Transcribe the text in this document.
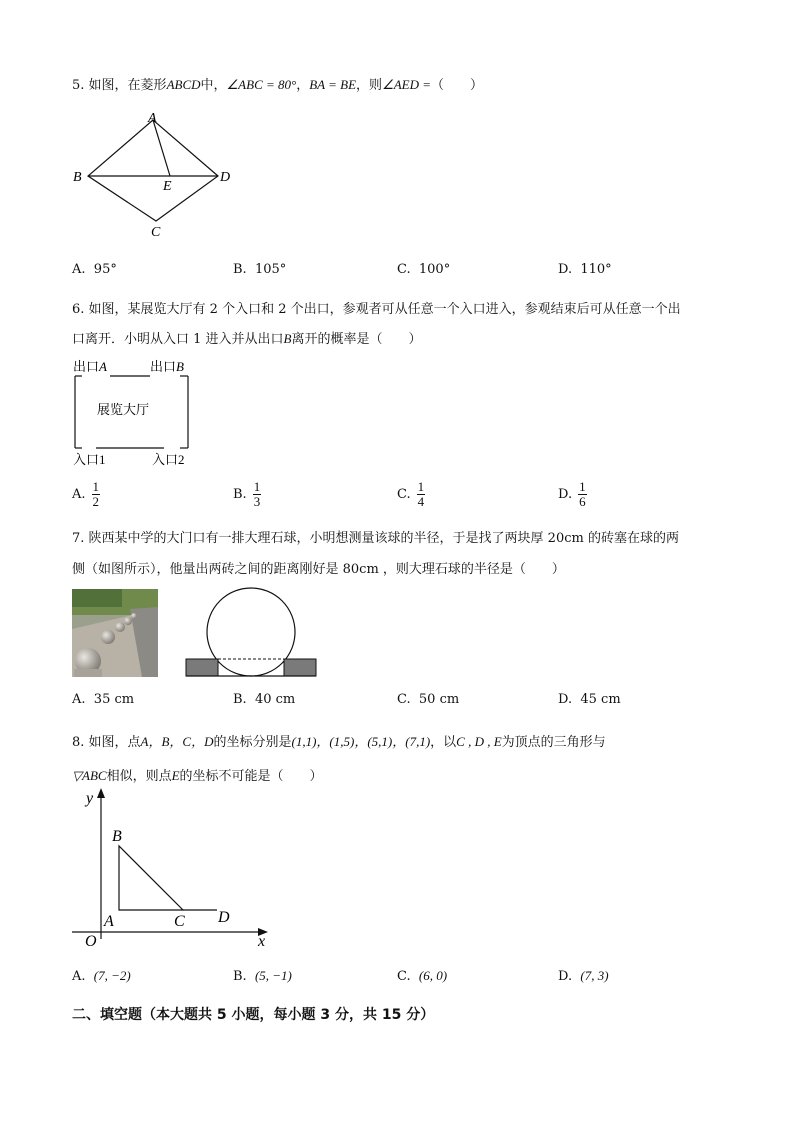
5. 如图，在菱形ABCD中，∠ABC = 80°，BA = BE，则∠AED =（　　）
A
B
E
D
C
A. 95°	B. 105°	C. 100°	D. 110°
6. 如图，某展览大厅有 2 个入口和 2 个出口，参观者可从任意一个入口进入，参观结束后可从任意一个出
口离开．小明从入口 1 进入并从出口B离开的概率是（　　）
出口A	出口B
展览大厅
入口1	入口2
A. $\frac{1}{2}$	B. $\frac{1}{3}$	C. $\frac{1}{4}$	D. $\frac{1}{6}$
7. 陕西某中学的大门口有一排大理石球，小明想测量该球的半径，于是找了两块厚 20cm 的砖塞在球的两
侧（如图所示），他量出两砖之间的距离刚好是 80cm ，则大理石球的半径是（　　）
A. 35 cm	B. 40 cm	C. 50 cm	D. 45 cm
8. 如图，点A，B，C，D的坐标分别是(1,1)，(1,5)，(5,1)，(7,1)，以C , D , E为顶点的三角形与
▽ABC相似，则点E的坐标不可能是（　　）
y
x
O
A
B
C D
A. (7, −2)	B. (5, −1)	C. (6, 0)	D. (7, 3)
二、填空题（本大题共 5 小题，每小题 3 分，共 15 分）
